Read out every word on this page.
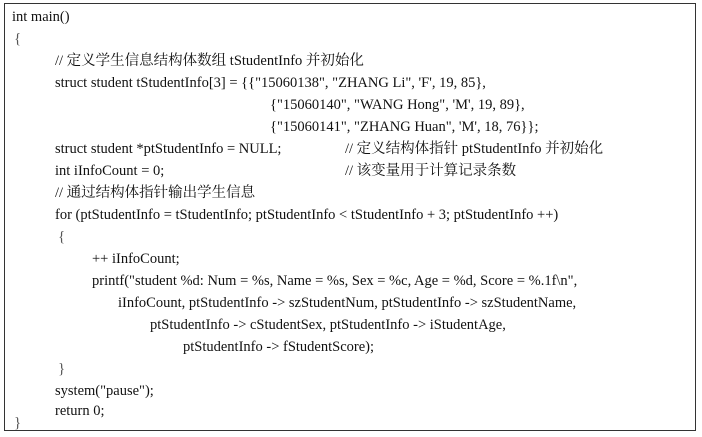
int main()
{
// 定义学生信息结构体数组 tStudentInfo 并初始化
struct student tStudentInfo[3] = {{"15060138", "ZHANG Li", 'F', 19, 85},
{"15060140", "WANG Hong", 'M', 19, 89},
{"15060141", "ZHANG Huan", 'M', 18, 76}};
struct student *ptStudentInfo = NULL;	// 定义结构体指针 ptStudentInfo 并初始化
int iInfoCount = 0;	// 该变量用于计算记录条数
// 通过结构体指针输出学生信息
for (ptStudentInfo = tStudentInfo; ptStudentInfo < tStudentInfo + 3; ptStudentInfo ++)
{
++ iInfoCount;
printf("student %d: Num = %s, Name = %s, Sex = %c, Age = %d, Score = %.1f\n",
iInfoCount, ptStudentInfo -> szStudentNum, ptStudentInfo -> szStudentName,
ptStudentInfo -> cStudentSex, ptStudentInfo -> iStudentAge,
ptStudentInfo -> fStudentScore);
}
system("pause");
return 0;
}
